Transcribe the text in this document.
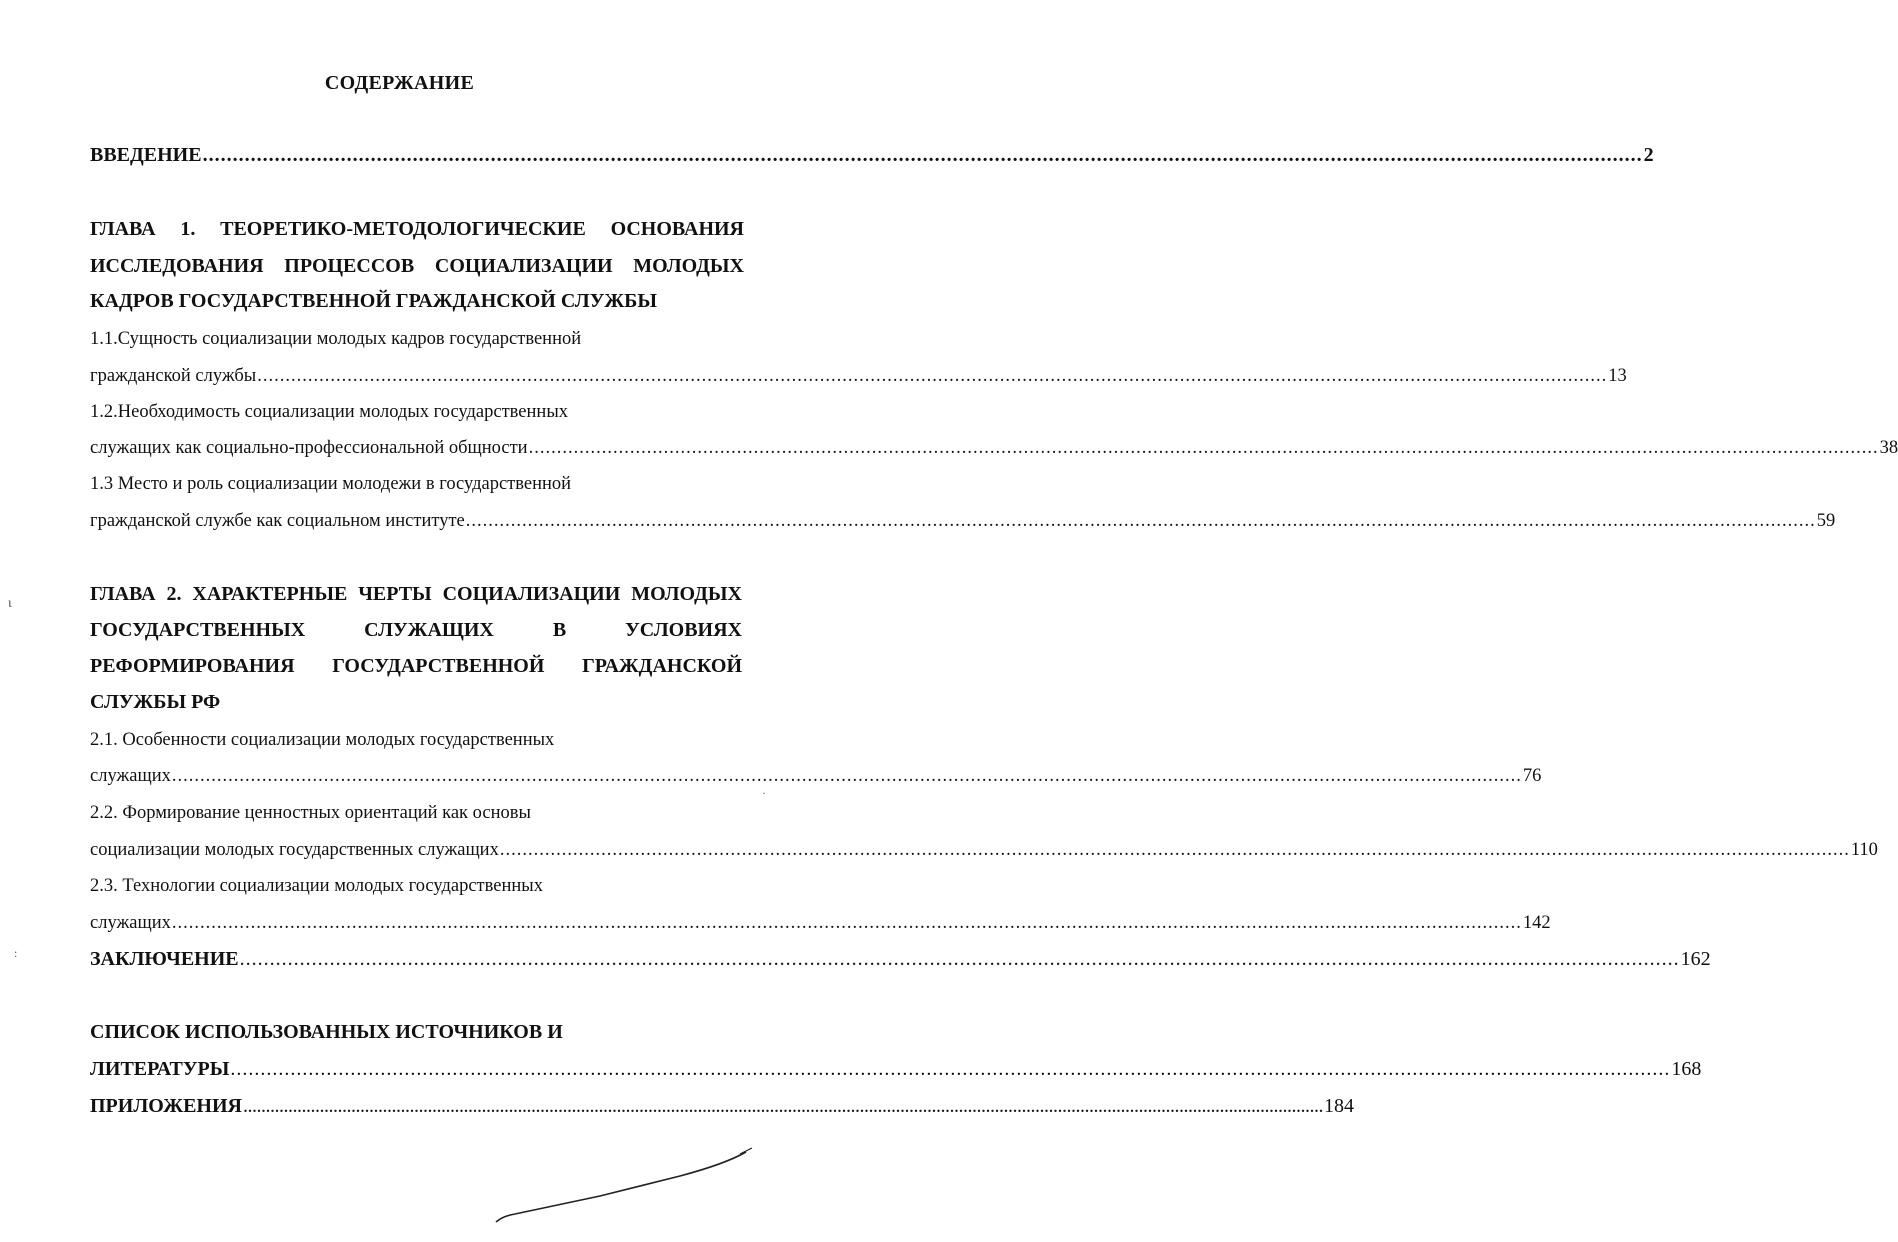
СОДЕРЖАНИЕ
ВВЕДЕНИЕ ................................................................................................................................................................................................................................................ 2
ГЛАВА 1. ТЕОРЕТИКО-МЕТОДОЛОГИЧЕСКИЕ ОСНОВАНИЯ
ИССЛЕДОВАНИЯ ПРОЦЕССОВ СОЦИАЛИЗАЦИИ МОЛОДЫХ
КАДРОВ ГОСУДАРСТВЕННОЙ ГРАЖДАНСКОЙ СЛУЖБЫ
1.1.Сущность социализации молодых кадров государственной
гражданской службы ................................................................................................................................................................................................................................................ 13
1.2.Необходимость социализации молодых государственных
служащих как социально-профессиональной общности ................................................................................................................................................................................................................................................ 38
1.3 Место и роль социализации молодежи в государственной
гражданской службе как социальном институте ................................................................................................................................................................................................................................................ 59
ГЛАВА 2. ХАРАКТЕРНЫЕ ЧЕРТЫ СОЦИАЛИЗАЦИИ МОЛОДЫХ
ГОСУДАРСТВЕННЫХ	СЛУЖАЩИХ	В	УСЛОВИЯХ
РЕФОРМИРОВАНИЯ ГОСУДАРСТВЕННОЙ ГРАЖДАНСКОЙ
СЛУЖБЫ РФ
2.1. Особенности социализации молодых государственных
служащих ................................................................................................................................................................................................................................................ 76
2.2. Формирование ценностных ориентаций как основы
социализации молодых государственных служащих ................................................................................................................................................................................................................................................ 110
2.3. Технологии социализации молодых государственных
служащих ................................................................................................................................................................................................................................................ 142
ЗАКЛЮЧЕНИЕ ................................................................................................................................................................................................................................................ 162
СПИСОК ИСПОЛЬЗОВАННЫХ ИСТОЧНИКОВ И
ЛИТЕРАТУРЫ ................................................................................................................................................................................................................................................ 168
ПРИЛОЖЕНИЯ ................................................................................................................................................................................................................................................ 184
ι
:
·
